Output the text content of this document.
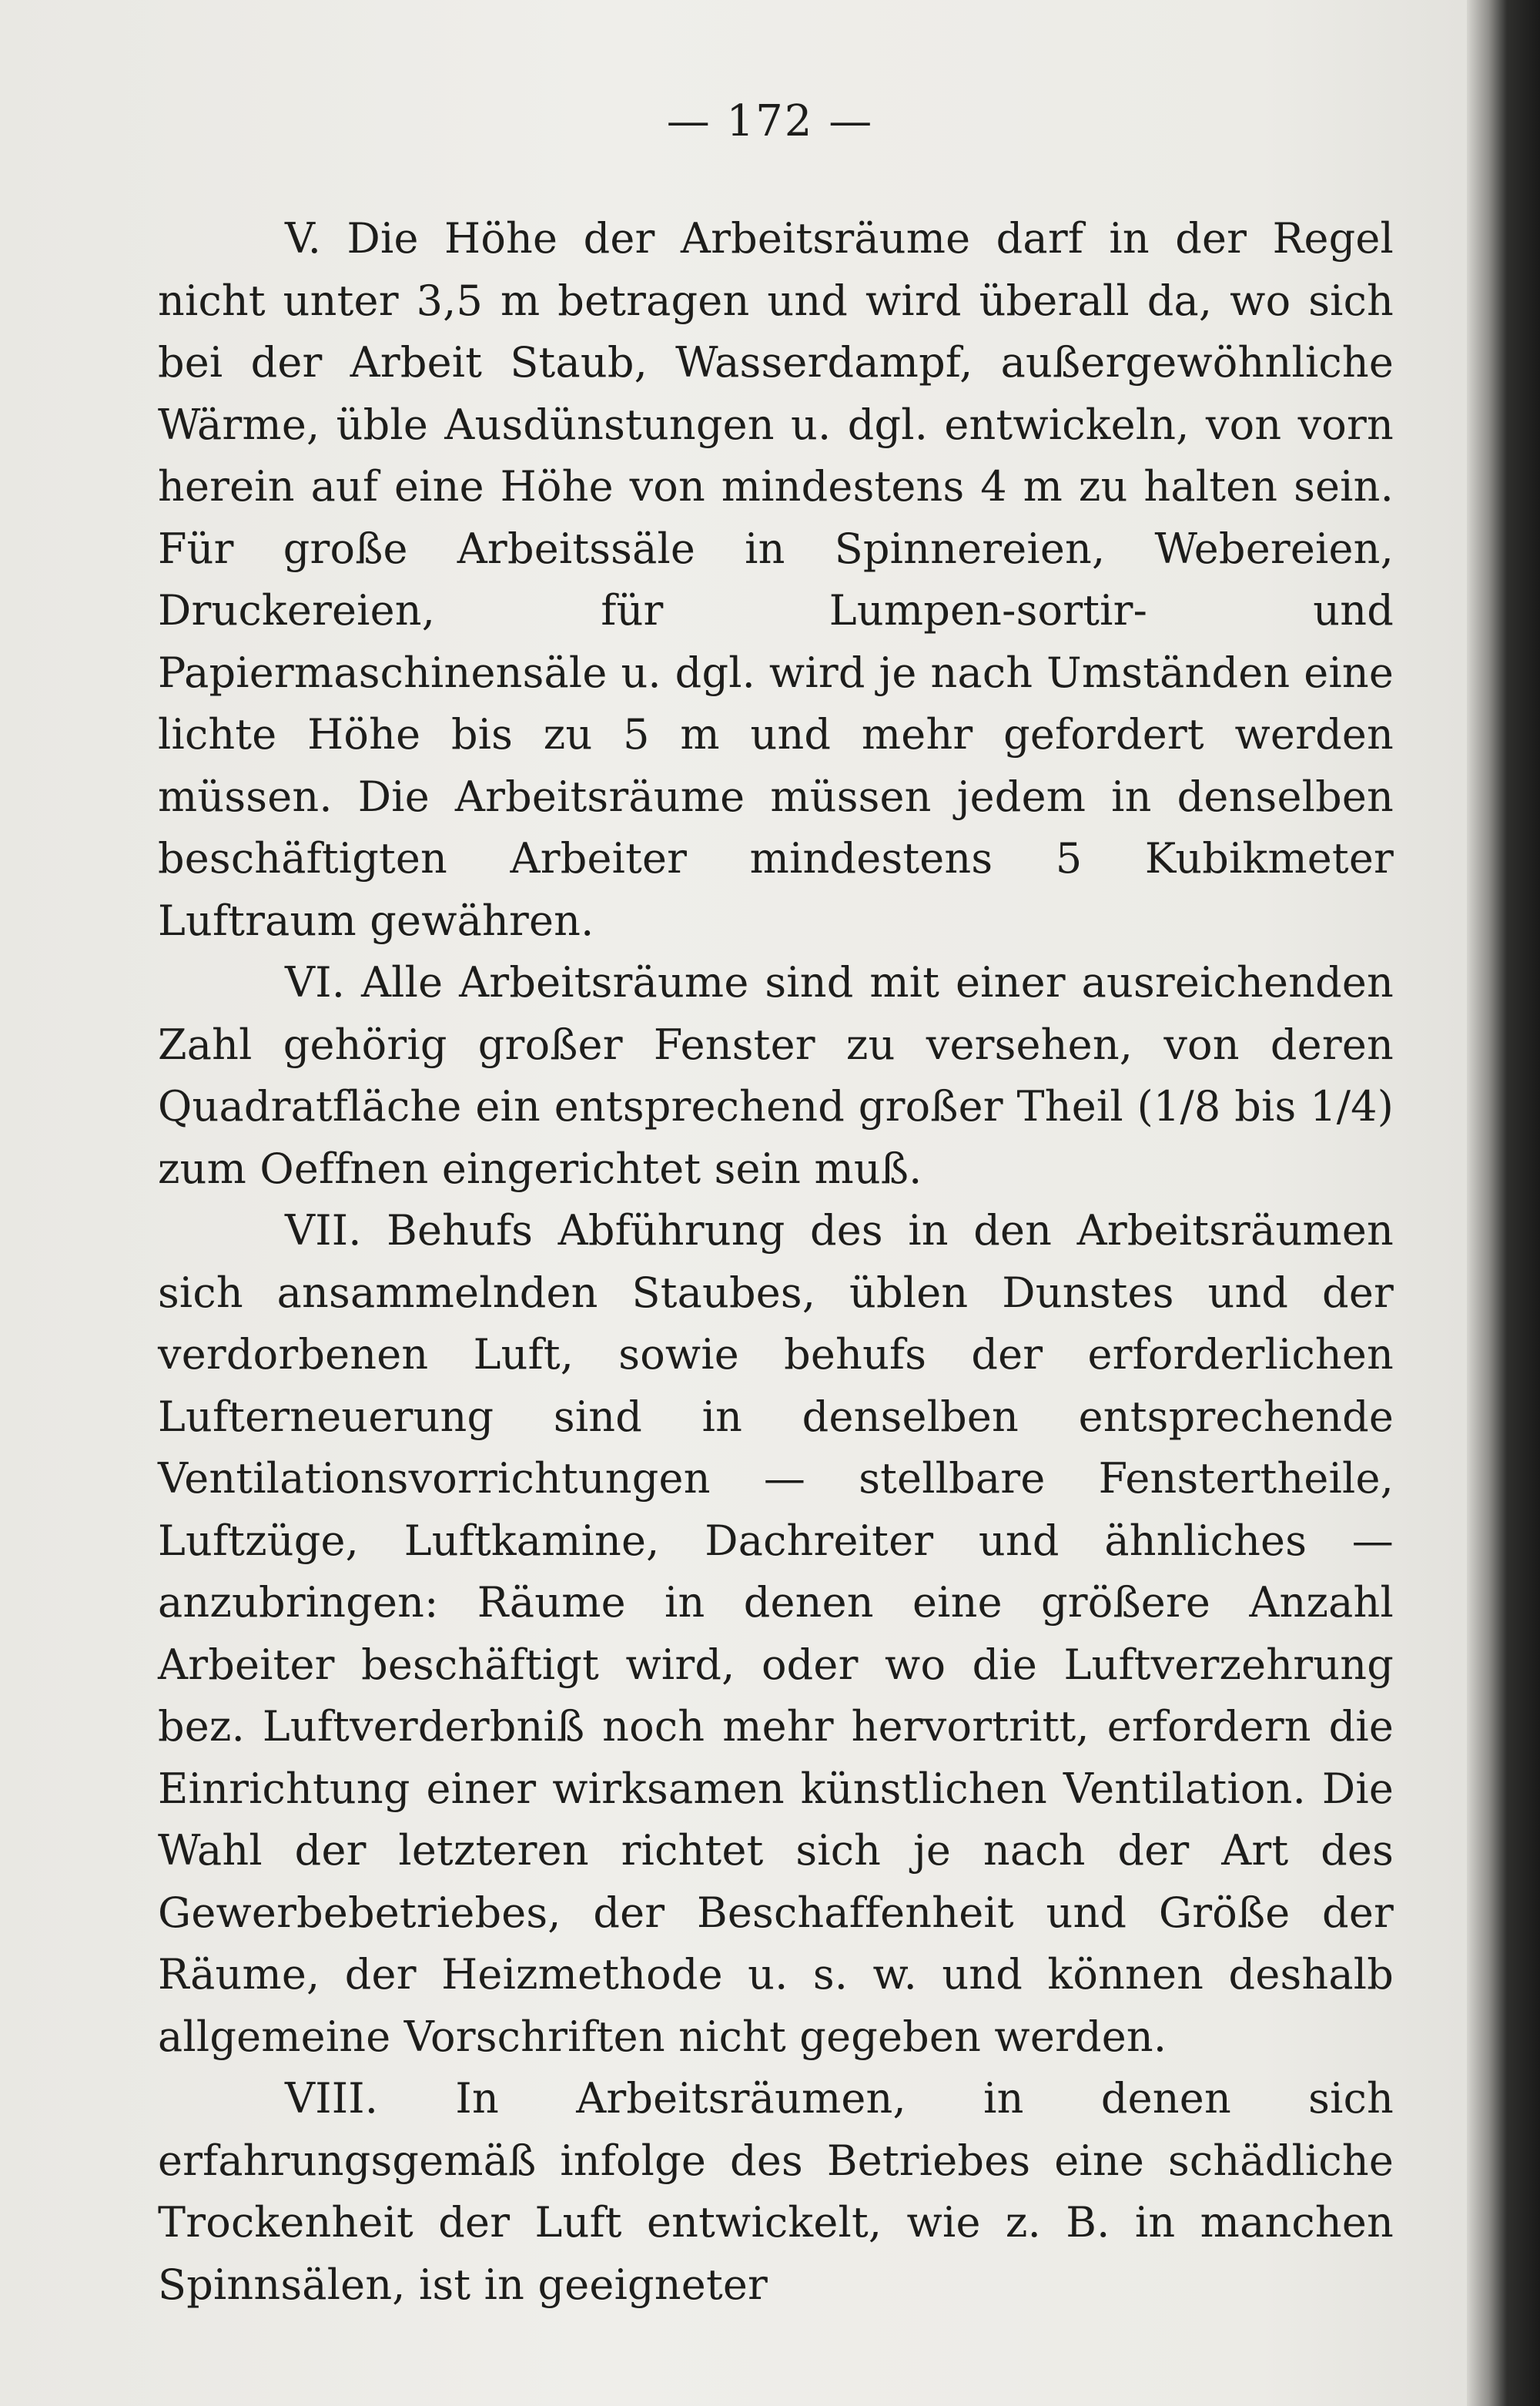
— 172 —

V. Die Höhe der Arbeitsräume darf in der Regel nicht unter 3,5 m betragen und wird überall da, wo sich bei der Arbeit Staub, Wasserdampf, außergewöhnliche Wärme, üble Ausdünstungen u. dgl. entwickeln, von vorn herein auf eine Höhe von mindestens 4 m zu halten sein. Für große Arbeitssäle in Spinnereien, Webereien, Druckereien, für Lumpen-sortir- und Papiermaschinensäle u. dgl. wird je nach Umständen eine lichte Höhe bis zu 5 m und mehr gefordert werden müssen. Die Arbeitsräume müssen jedem in denselben beschäftigten Arbeiter mindestens 5 Kubikmeter Luftraum gewähren.

VI. Alle Arbeitsräume sind mit einer ausreichenden Zahl gehörig großer Fenster zu versehen, von deren Quadratfläche ein entsprechend großer Theil (1/8 bis 1/4) zum Oeffnen eingerichtet sein muß.

VII. Behufs Abführung des in den Arbeitsräumen sich ansammelnden Staubes, üblen Dunstes und der verdorbenen Luft, sowie behufs der erforderlichen Lufterneuerung sind in denselben entsprechende Ventilationsvorrichtungen — stellbare Fenstertheile, Luftzüge, Luftkamine, Dachreiter und ähnliches — anzubringen: Räume in denen eine größere Anzahl Arbeiter beschäftigt wird, oder wo die Luftverzehrung bez. Luftverderbniß noch mehr hervortritt, erfordern die Einrichtung einer wirksamen künstlichen Ventilation. Die Wahl der letzteren richtet sich je nach der Art des Gewerbebetriebes, der Beschaffenheit und Größe der Räume, der Heizmethode u. s. w. und können deshalb allgemeine Vorschriften nicht gegeben werden.

VIII. In Arbeitsräumen, in denen sich erfahrungsgemäß infolge des Betriebes eine schädliche Trockenheit der Luft entwickelt, wie z. B. in manchen Spinnsälen, ist in geeigneter
